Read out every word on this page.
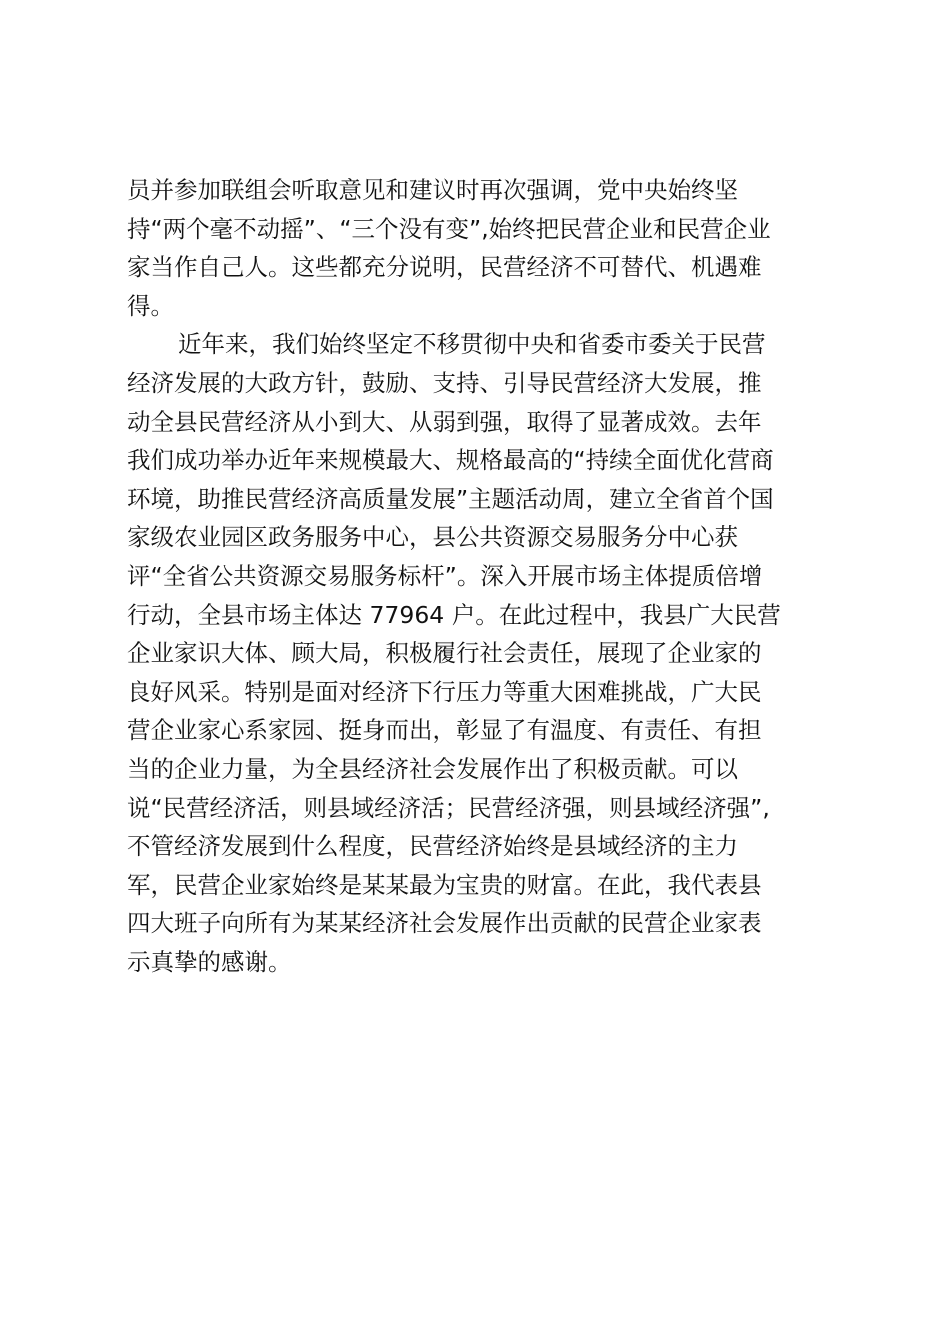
员并参加联组会听取意见和建议时再次强调，党中央始终坚
持“两个毫不动摇”、“三个没有变”,始终把民营企业和民营企业
家当作自己人。这些都充分说明，民营经济不可替代、机遇难
得。
近年来，我们始终坚定不移贯彻中央和省委市委关于民营
经济发展的大政方针，鼓励、支持、引导民营经济大发展，推
动全县民营经济从小到大、从弱到强，取得了显著成效。去年
我们成功举办近年来规模最大、规格最高的“持续全面优化营商
环境，助推民营经济高质量发展”主题活动周，建立全省首个国
家级农业园区政务服务中心，县公共资源交易服务分中心获
评“全省公共资源交易服务标杆”。深入开展市场主体提质倍增
行动，全县市场主体达 77964 户。在此过程中，我县广大民营
企业家识大体、顾大局，积极履行社会责任，展现了企业家的
良好风采。特别是面对经济下行压力等重大困难挑战，广大民
营企业家心系家园、挺身而出，彰显了有温度、有责任、有担
当的企业力量，为全县经济社会发展作出了积极贡献。可以
说“民营经济活，则县域经济活；民营经济强，则县域经济强”,
不管经济发展到什么程度，民营经济始终是县域经济的主力
军，民营企业家始终是某某最为宝贵的财富。在此，我代表县
四大班子向所有为某某经济社会发展作出贡献的民营企业家表
示真挚的感谢。
